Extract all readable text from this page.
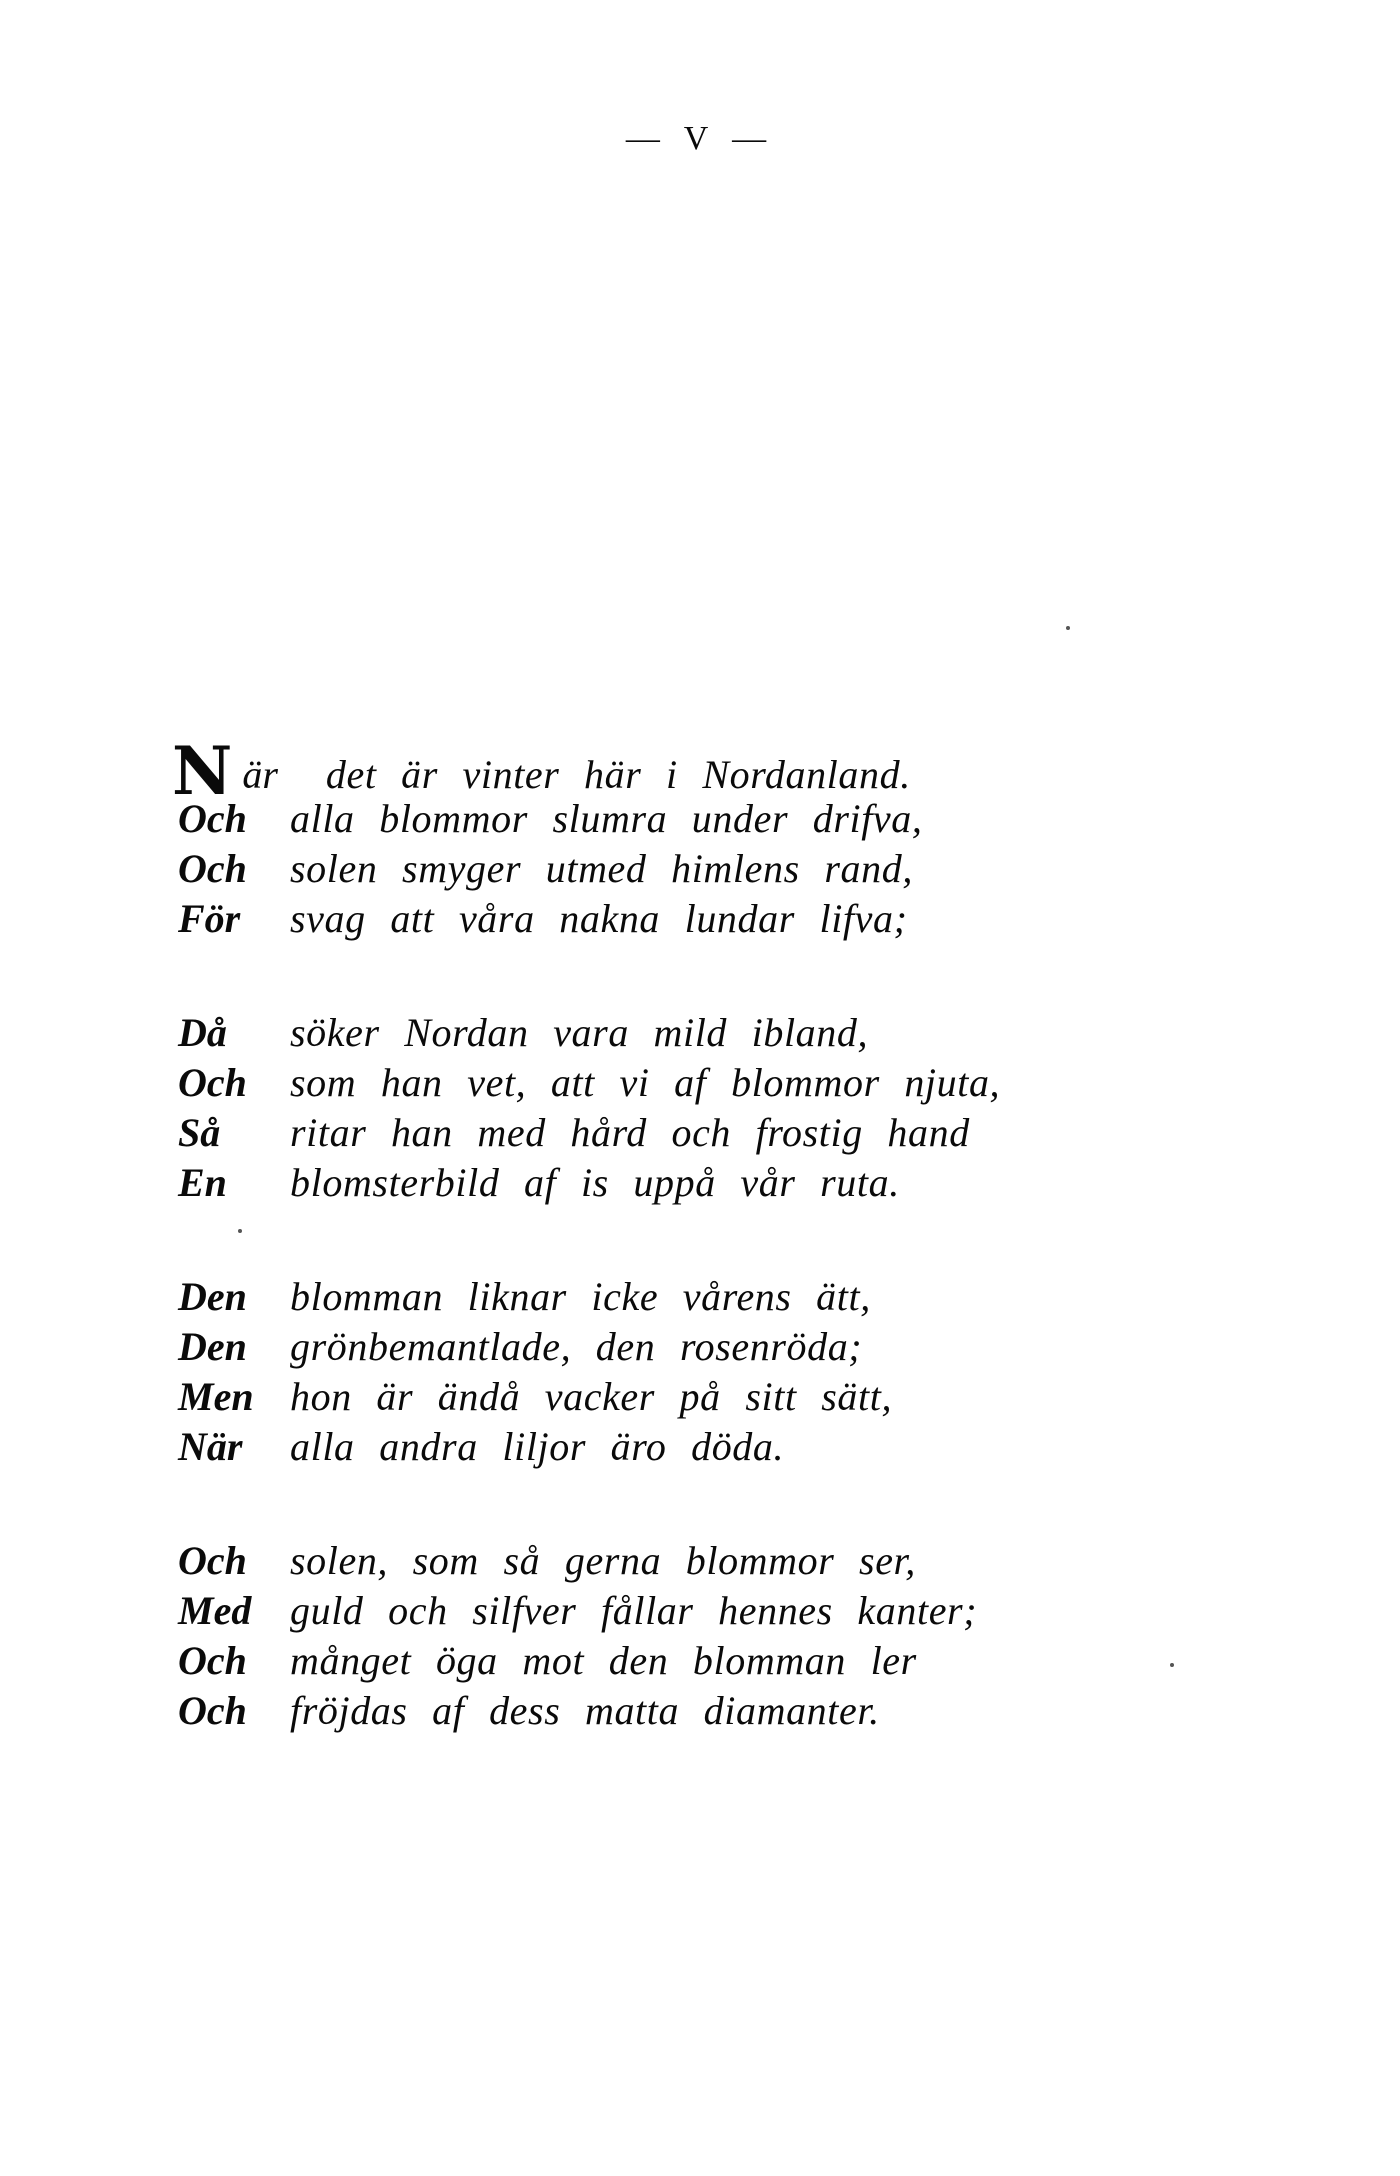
— V —
N är det är vinter här i Nordanland.
Och	alla blommor slumra under drifva,
Och	solen smyger utmed himlens rand,
För	svag att våra nakna lundar lifva;
Då	söker Nordan vara mild ibland,
Och	som han vet, att vi af blommor njuta,
Så	ritar han med hård och frostig hand
En	blomsterbild af is uppå vår ruta.
Den	blomman liknar icke vårens ätt,
Den	grönbemantlade, den rosenröda;
Men hon är ändå vacker på sitt sätt,
När	alla andra liljor äro döda.
Och	solen, som så gerna blommor ser,
Med guld och silfver fållar hennes kanter;
Och	månget öga mot den blomman ler
Och	fröjdas af dess matta diamanter.
